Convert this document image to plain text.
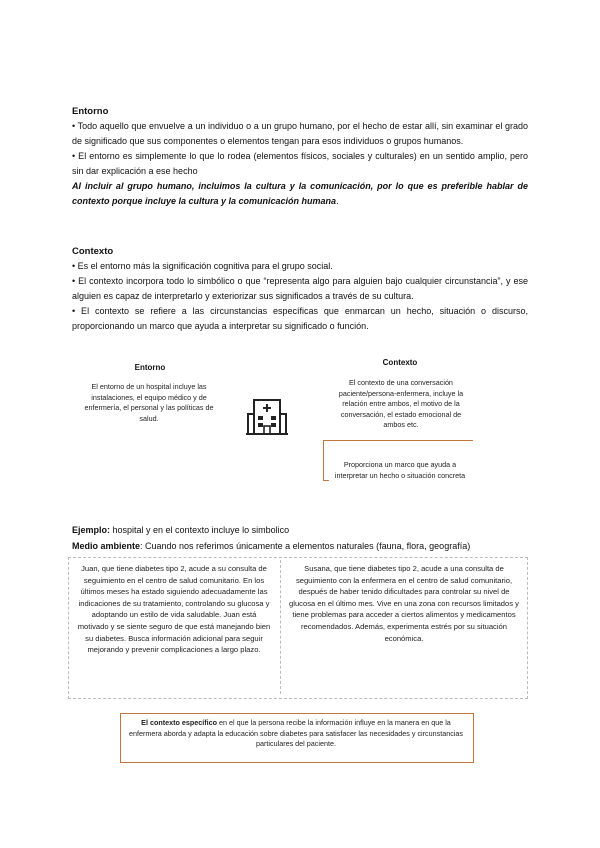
Entorno

• Todo aquello que envuelve a un individuo o a un grupo humano, por el hecho de estar allí, sin examinar el grado de significado que sus componentes o elementos tengan para esos individuos o grupos humanos.

• El entorno es simplemente lo que lo rodea (elementos físicos, sociales y culturales) en un sentido amplio, pero sin dar explicación a ese hecho

Al incluir al grupo humano, incluimos la cultura y la comunicación, por lo que es preferible hablar de contexto porque incluye la cultura y la comunicación humana.

Contexto

• Es el entorno más la significación cognitiva para el grupo social.

• El contexto incorpora todo lo simbólico o que “representa algo para alguien bajo cualquier circunstancia”, y ese alguien es capaz de interpretarlo y exteriorizar sus significados a través de su cultura.

• El contexto se refiere a las circunstancias específicas que enmarcan un hecho, situación o discurso, proporcionando un marco que ayuda a interpretar su significado o función.

Entorno
El entorno de un hospital incluye las instalaciones, el equipo médico y de enfermería, el personal y las políticas de salud.
Contexto
El contexto de una conversación paciente/persona-enfermera, incluye la relación entre ambos, el motivo de la conversación, el estado emocional de ambos etc.
Proporciona un marco que ayuda a interpretar un hecho o situación concreta
Ejemplo: hospital y en el contexto incluye lo simbolico
Medio ambiente: Cuando nos referimos únicamente a elementos naturales (fauna, flora, geografía)
Juan, que tiene diabetes tipo 2, acude a su consulta de seguimiento en el centro de salud comunitario. En los últimos meses ha estado siguiendo adecuadamente las indicaciones de su tratamiento, controlando su glucosa y adoptando un estilo de vida saludable. Juan está motivado y se siente seguro de que está manejando bien su diabetes. Busca información adicional para seguir mejorando y prevenir complicaciones a largo plazo.
Susana, que tiene diabetes tipo 2, acude a una consulta de seguimiento con la enfermera en el centro de salud comunitario, después de haber tenido dificultades para controlar su nivel de glucosa en el último mes. Vive en una zona con recursos limitados y tiene problemas para acceder a ciertos alimentos y medicamentos recomendados. Además, experimenta estrés por su situación económica.
El contexto específico en el que la persona recibe la información influye en la manera en que la enfermera aborda y adapta la educación sobre diabetes para satisfacer las necesidades y circunstancias particulares del paciente.
